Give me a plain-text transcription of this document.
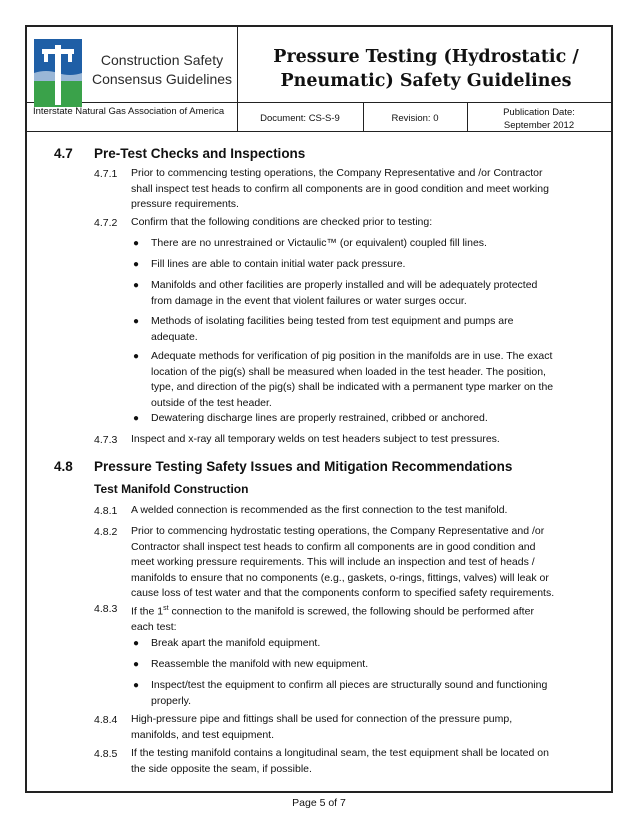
Construction Safety
Consensus Guidelines
Pressure Testing (Hydrostatic /
Pneumatic) Safety Guidelines
Interstate Natural Gas Association of America
Document: CS-S-9	Revision: 0
Publication Date:
September 2012
4.7 Pre-Test Checks and Inspections
4.7.1 Prior to commencing testing operations, the Company Representative and /or Contractor
shall inspect test heads to confirm all components are in good condition and meet working
pressure requirements.
4.7.2 Confirm that the following conditions are checked prior to testing:
● There are no unrestrained or Victaulic™ (or equivalent) coupled fill lines.
● Fill lines are able to contain initial water pack pressure.
● Manifolds and other facilities are properly installed and will be adequately protected
from damage in the event that violent failures or water surges occur.
● Methods of isolating facilities being tested from test equipment and pumps are
adequate.
● Adequate methods for verification of pig position in the manifolds are in use. The exact
location of the pig(s) shall be measured when loaded in the test header. The position,
type, and direction of the pig(s) shall be indicated with a permanent type marker on the
outside of the test header.
● Dewatering discharge lines are properly restrained, cribbed or anchored.
4.7.3 Inspect and x-ray all temporary welds on test headers subject to test pressures.
4.8 Pressure Testing Safety Issues and Mitigation Recommendations
Test Manifold Construction
4.8.1 A welded connection is recommended as the first connection to the test manifold.
4.8.2 Prior to commencing hydrostatic testing operations, the Company Representative and /or
Contractor shall inspect test heads to confirm all components are in good condition and
meet working pressure requirements. This will include an inspection and test of heads /
manifolds to ensure that no components (e.g., gaskets, o-rings, fittings, valves) will leak or
cause loss of test water and that the components conform to specified safety requirements.
4.8.3 If the 1st connection to the manifold is screwed, the following should be performed after
each test:
● Break apart the manifold equipment.
● Reassemble the manifold with new equipment.
● Inspect/test the equipment to confirm all pieces are structurally sound and functioning
properly.
4.8.4 High-pressure pipe and fittings shall be used for connection of the pressure pump,
manifolds, and test equipment.
4.8.5 If the testing manifold contains a longitudinal seam, the test equipment shall be located on
the side opposite the seam, if possible.
Page 5 of 7
